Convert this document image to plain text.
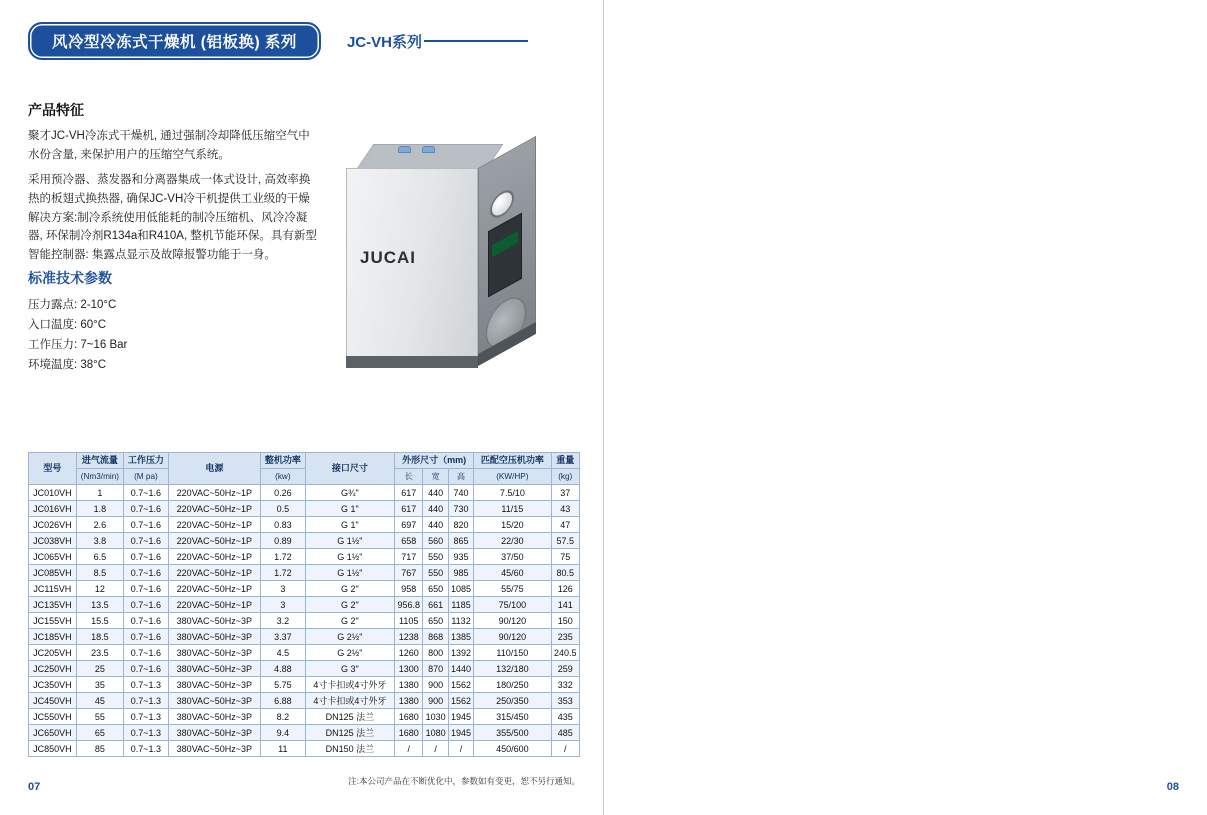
风冷型冷冻式干燥机 (铝板换) 系列	JC-VH系列
产品特征

聚才JC-VH冷冻式干燥机, 通过强制冷却降低压缩空气中水份含量, 来保护用户的压缩空气系统。

采用预冷器、蒸发器和分离器集成一体式设计, 高效率换热的板翅式换热器, 确保JC-VH冷干机提供工业级的干燥解决方案:制冷系统使用低能耗的制冷压缩机、风冷冷凝器, 环保制冷剂R134a和R410A, 整机节能环保。具有新型智能控制器: 集露点显示及故障报警功能于一身。

标准技术参数
压力露点: 2-10°C
入口温度: 60°C
工作压力: 7~16 Bar
环境温度: 38°C
JUCAI
型号	进气流量	工作压力	电源	整机功率	接口尺寸	外形尺寸（mm)			匹配空压机功率	重量
	(Nm3/min)	(M pa)		(kw)		长	宽	高	(KW/HP)	(kg)
JC010VH	1	0.7~1.6	220VAC~50Hz~1P	0.26	G¾"	617	440	740	7.5/10	37
JC016VH	1.8	0.7~1.6	220VAC~50Hz~1P	0.5	G 1"	617	440	730	11/15	43
JC026VH	2.6	0.7~1.6	220VAC~50Hz~1P	0.83	G 1"	697	440	820	15/20	47
JC038VH	3.8	0.7~1.6	220VAC~50Hz~1P	0.89	G 1½"	658	560	865	22/30	57.5
JC065VH	6.5	0.7~1.6	220VAC~50Hz~1P	1.72	G 1½"	717	550	935	37/50	75
JC085VH	8.5	0.7~1.6	220VAC~50Hz~1P	1.72	G 1½"	767	550	985	45/60	80.5
JC115VH	12	0.7~1.6	220VAC~50Hz~1P	3	G 2"	958	650	1085	55/75	126
JC135VH	13.5	0.7~1.6	220VAC~50Hz~1P	3	G 2"	956.8	661	1185	75/100	141
JC155VH	15.5	0.7~1.6	380VAC~50Hz~3P	3.2	G 2"	1105	650	1132	90/120	150
JC185VH	18.5	0.7~1.6	380VAC~50Hz~3P	3.37	G 2½"	1238	868	1385	90/120	235
JC205VH	23.5	0.7~1.6	380VAC~50Hz~3P	4.5	G 2½"	1260	800	1392	110/150	240.5
JC250VH	25	0.7~1.6	380VAC~50Hz~3P	4.88	G 3"	1300	870	1440	132/180	259
JC350VH	35	0.7~1.3	380VAC~50Hz~3P	5.75	4寸卡扣或4寸外牙	1380	900	1562	180/250	332
JC450VH	45	0.7~1.3	380VAC~50Hz~3P	6.88	4寸卡扣或4寸外牙	1380	900	1562	250/350	353
JC550VH	55	0.7~1.3	380VAC~50Hz~3P	8.2	DN125 法兰	1680	1030	1945	315/450	435
JC650VH	65	0.7~1.3	380VAC~50Hz~3P	9.4	DN125 法兰	1680	1080	1945	355/500	485
JC850VH	85	0.7~1.3	380VAC~50Hz~3P	11	DN150 法兰	/	/	/	450/600	/
注:本公司产品在不断优化中，参数如有变更，恕不另行通知。
07

											08
